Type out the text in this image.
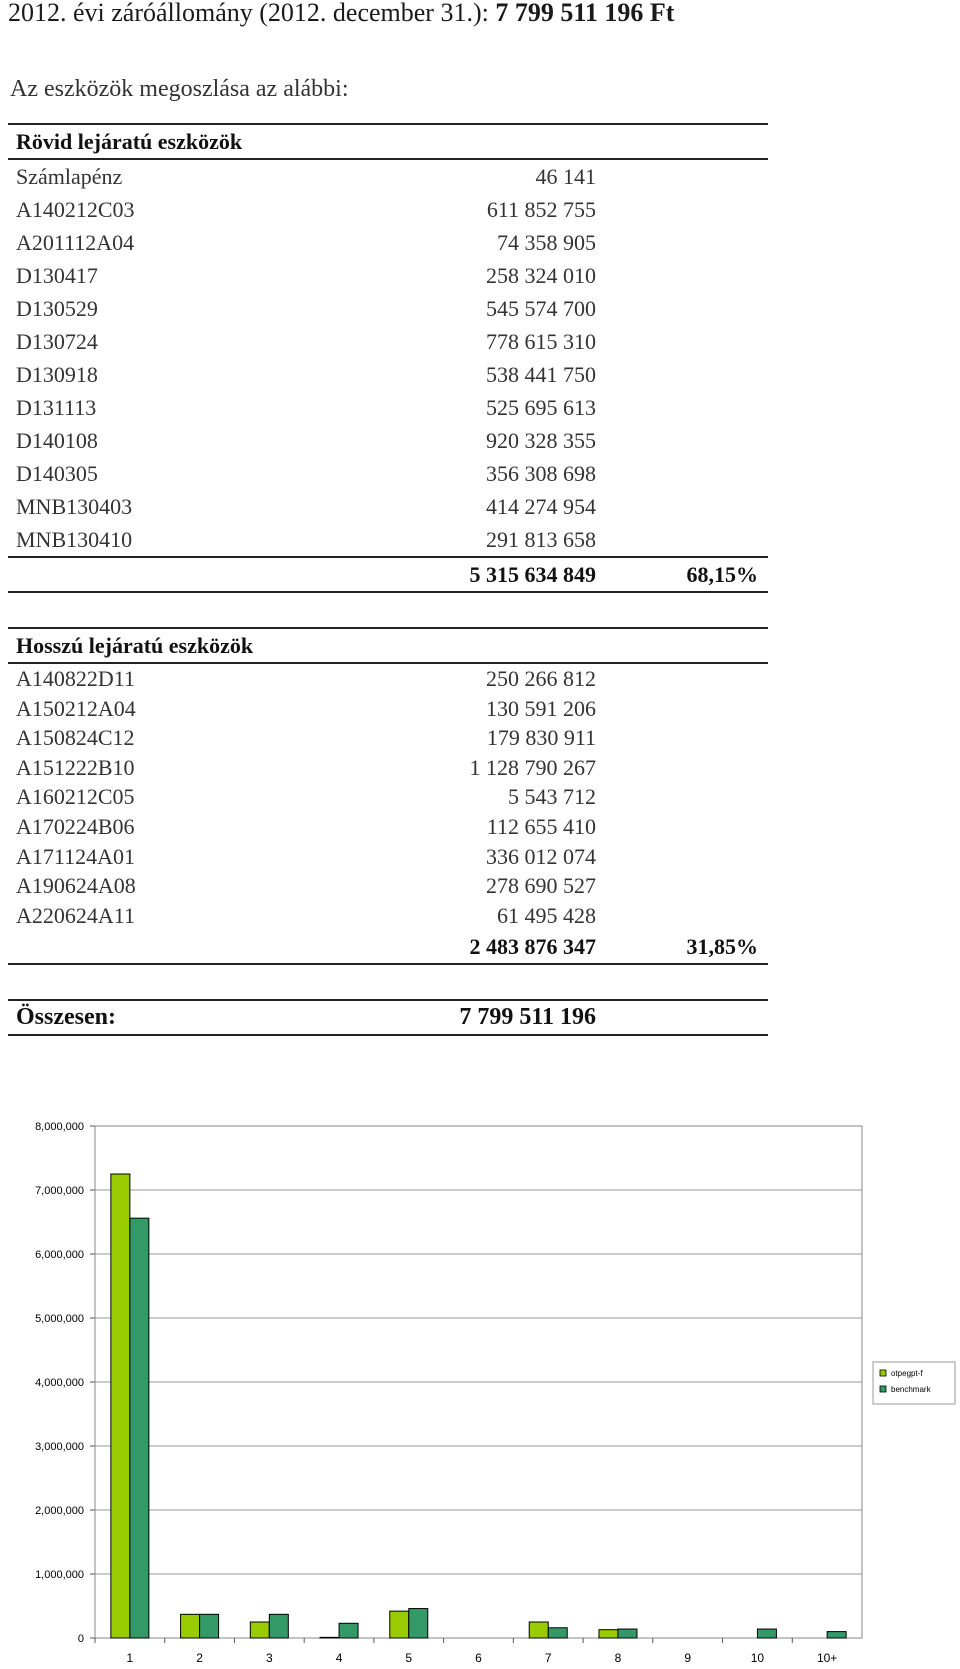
2012. évi záróállomány (2012. december 31.): 7 799 511 196 Ft
Az eszközök megoszlása az alábbi:
Rövid lejáratú eszközök
Számlapénz	46 141
A140212C03	611 852 755
A201112A04	74 358 905
D130417	258 324 010
D130529	545 574 700
D130724	778 615 310
D130918	538 441 750
D131113	525 695 613
D140108	920 328 355
D140305	356 308 698
MNB130403	414 274 954
MNB130410	291 813 658
5 315 634 849	68,15%
Hosszú lejáratú eszközök
A140822D11	250 266 812
A150212A04	130 591 206
A150824C12	179 830 911
A151222B10	1 128 790 267
A160212C05	5 543 712
A170224B06	112 655 410
A171124A01	336 012 074
A190624A08	278 690 527
A220624A11	61 495 428
2 483 876 347	31,85%
Összesen:	7 799 511 196
0
1,000,000
2,000,000
3,000,000
4,000,000
5,000,000
6,000,000
7,000,000
8,000,000
1	2	3	4	5	6	7	8	9	10	10+
otpegpt-f
benchmark
